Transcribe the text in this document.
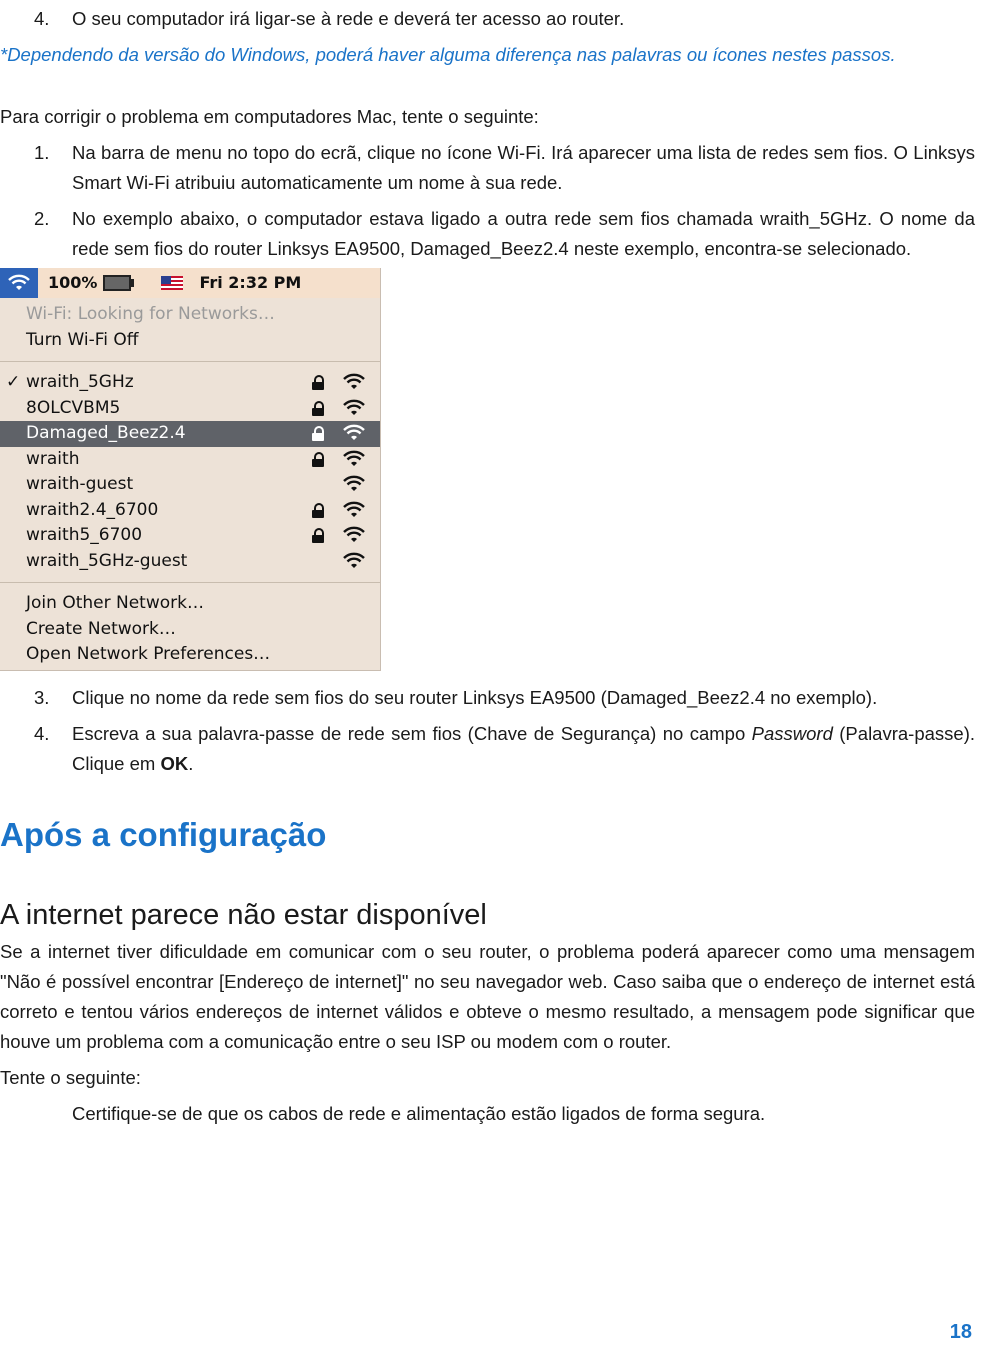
4.	O seu computador irá ligar-se à rede e deverá ter acesso ao router.

*Dependendo da versão do Windows, poderá haver alguma diferença nas palavras ou ícones nestes passos.

Para corrigir o problema em computadores Mac, tente o seguinte:

1.	Na barra de menu no topo do ecrã, clique no ícone Wi-Fi. Irá aparecer uma lista de redes sem fios. O Linksys Smart Wi-Fi atribuiu automaticamente um nome à sua rede.
2.	No exemplo abaixo, o computador estava ligado a outra rede sem fios chamada wraith_5GHz. O nome da rede sem fios do router Linksys EA9500, Damaged_Beez2.4 neste exemplo, encontra-se selecionado.
100%	Fri 2:32 PM
Wi-Fi: Looking for Networks…
Turn Wi-Fi Off
✓ wraith_5GHz
8OLCVBM5
Damaged_Beez2.4
wraith
wraith-guest
wraith2.4_6700
wraith5_6700
wraith_5GHz-guest
Join Other Network…
Create Network…
Open Network Preferences…
3.	Clique no nome da rede sem fios do seu router Linksys EA9500 (Damaged_Beez2.4 no exemplo).
4.	Escreva a sua palavra-passe de rede sem fios (Chave de Segurança) no campo Password (Palavra-passe). Clique em OK.
Após a configuração
A internet parece não estar disponível

Se a internet tiver dificuldade em comunicar com o seu router, o problema poderá aparecer como uma mensagem "Não é possível encontrar [Endereço de internet]" no seu navegador web. Caso saiba que o endereço de internet está correto e tentou vários endereços de internet válidos e obteve o mesmo resultado, a mensagem pode significar que houve um problema com a comunicação entre o seu ISP ou modem com o router.

Tente o seguinte:

Certifique-se de que os cabos de rede e alimentação estão ligados de forma segura.

18
